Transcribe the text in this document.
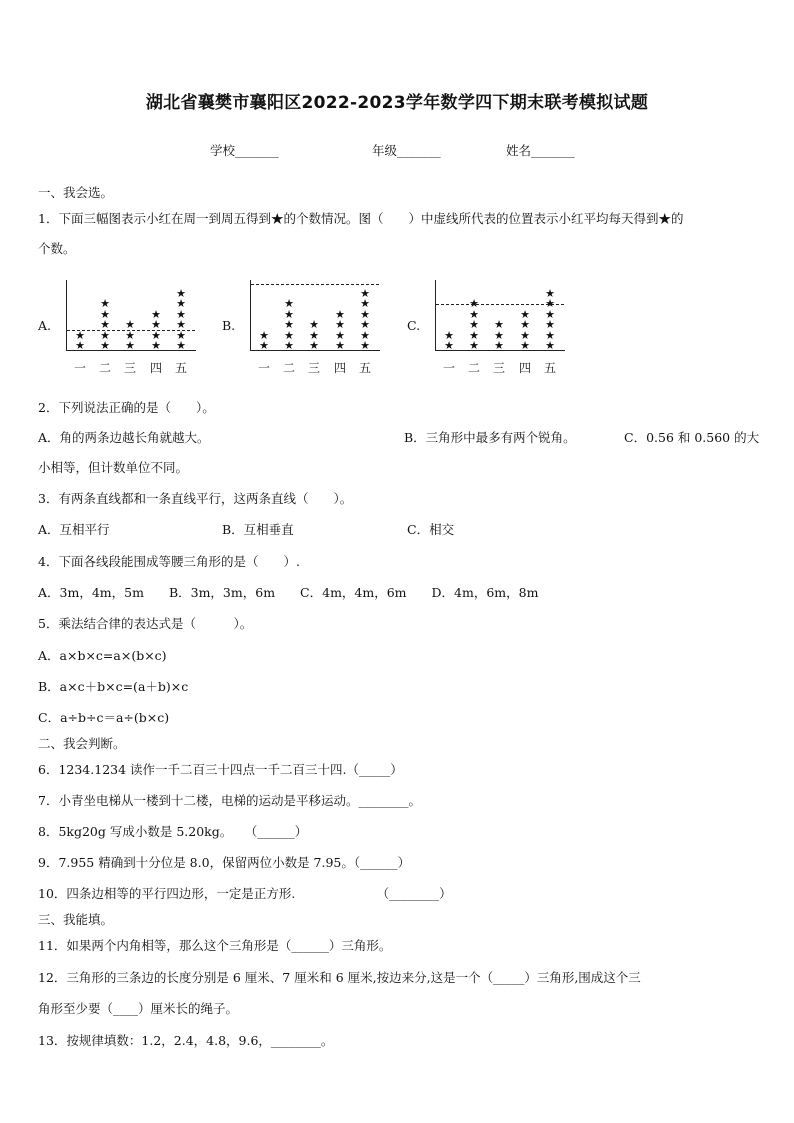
湖北省襄樊市襄阳区2022-2023学年数学四下期末联考模拟试题
学校_______	年级_______	姓名_______
一、我会选。
1．下面三幅图表示小红在周一到周五得到★的个数情况。图（　　）中虚线所代表的位置表示小红平均每天得到★的
个数。
A.	B.	C.
★
★
一
★
★
★
★
★
二
★
★
★
三
★
★
★
★
四
★
★
★
★
★
★
五
★
★
一
★
★
★
★
★
二
★
★
★
三
★
★
★
★
四
★
★
★
★
★
★
五
★
★
一
★
★
★
★
★
二
★
★
★
三
★
★
★
★
四
★
★
★
★
★
★
五
2．下列说法正确的是（　　）。
A．角的两条边越长角就越大。	B．三角形中最多有两个锐角。	C．0.56 和 0.560 的大
小相等，但计数单位不同。
3．有两条直线都和一条直线平行，这两条直线（　　）。
A．互相平行	B．互相垂直	C．相交
4．下面各线段能围成等腰三角形的是（　　）.
A．3m，4m，5m　　B．3m，3m，6m　　C．4m，4m，6m　　D．4m，6m，8m
5．乘法结合律的表达式是（　　　）。
A．a×b×c=a×(b×c)
B．a×c＋b×c=(a＋b)×c
C．a÷b÷c＝a÷(b×c)
二、我会判断。
6．1234.1234 读作一千二百三十四点一千二百三十四.（_____）
7．小青坐电梯从一楼到十二楼，电梯的运动是平移运动。________。
8．5kg20g 写成小数是 5.20kg。　　（______）
9．7.955 精确到十分位是 8.0，保留两位小数是 7.95。（______）
10．四条边相等的平行四边形，一定是正方形.　　　　　　　（________）
三、我能填。
11．如果两个内角相等，那么这个三角形是（______）三角形。
12．三角形的三条边的长度分别是 6 厘米、7 厘米和 6 厘米,按边来分,这是一个（_____）三角形,围成这个三
角形至少要（____）厘米长的绳子。
13．按规律填数：1.2，2.4，4.8，9.6，________。
